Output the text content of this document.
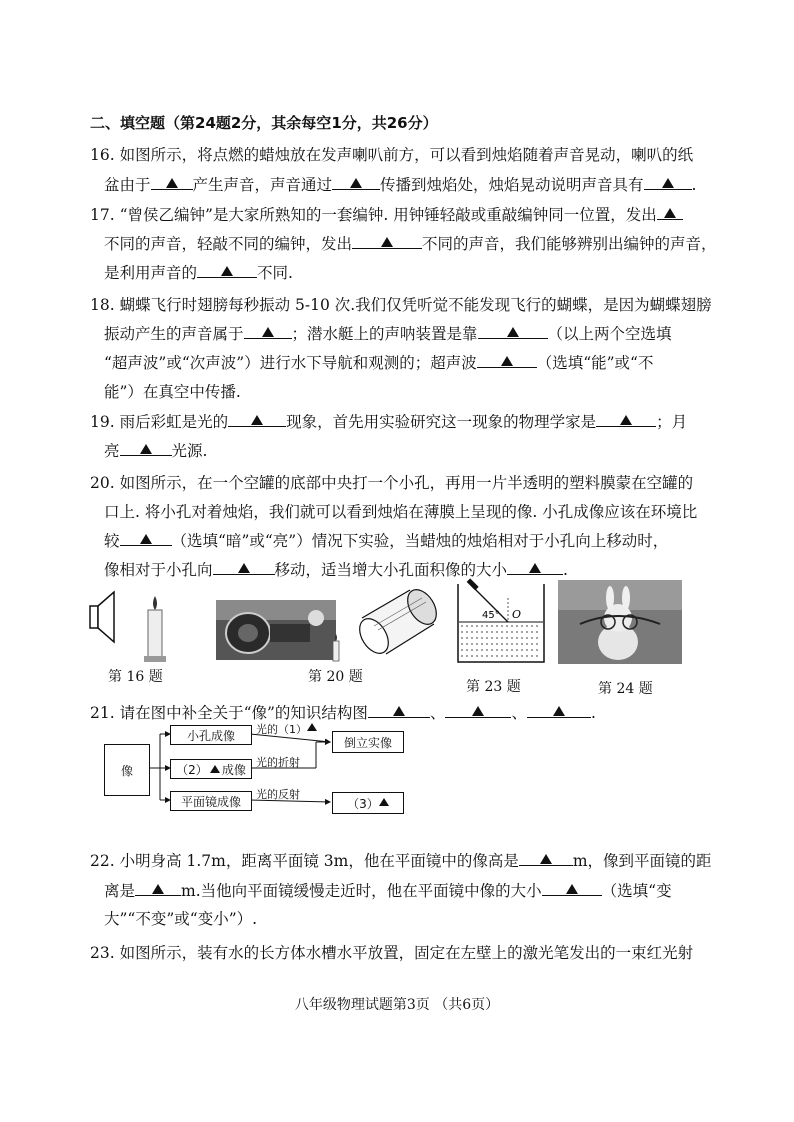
二、填空题（第24题2分，其余每空1分，共26分）
16. 如图所示，将点燃的蜡烛放在发声喇叭前方，可以看到烛焰随着声音晃动，喇叭的纸
盆由于	产生声音，声音通过	传播到烛焰处，烛焰晃动说明声音具有	.
17. “曾侯乙编钟”是大家所熟知的一套编钟. 用钟锤轻敲或重敲编钟同一位置，发出
不同的声音，轻敲不同的编钟，发出	不同的声音，我们能够辨别出编钟的声音，
是利用声音的	不同.
18. 蝴蝶飞行时翅膀每秒振动 5-10 次.我们仅凭听觉不能发现飞行的蝴蝶，是因为蝴蝶翅膀
振动产生的声音属于	；潜水艇上的声呐装置是靠	（以上两个空选填
“超声波”或“次声波”）进行水下导航和观测的；超声波	（选填“能”或“不
能”）在真空中传播.
19. 雨后彩虹是光的	现象，首先用实验研究这一现象的物理学家是	；月
亮	光源.
20. 如图所示，在一个空罐的底部中央打一个小孔，再用一片半透明的塑料膜蒙在空罐的
口上. 将小孔对着烛焰，我们就可以看到烛焰在薄膜上呈现的像. 小孔成像应该在环境比
较	（选填“暗”或“亮”）情况下实验，当蜡烛的烛焰相对于小孔向上移动时，
像相对于小孔向	移动，适当增大小孔面积像的大小	.
45° O
第 16 题	第 20 题
第 23 题	第 24 题
21. 请在图中补全关于“像”的知识结构图	、	、	.
像
小孔成像
（2） 成像
平面镜成像
倒立实像
（3）
光的（1）
光的折射
光的反射
22. 小明身高 1.7m，距离平面镜 3m，他在平面镜中的像高是	m，像到平面镜的距
离是	m.当他向平面镜缓慢走近时，他在平面镜中像的大小	（选填“变
大”“不变”或“变小”）.
23. 如图所示，装有水的长方体水槽水平放置，固定在左壁上的激光笔发出的一束红光射
八年级物理试题第3页 （共6页）
